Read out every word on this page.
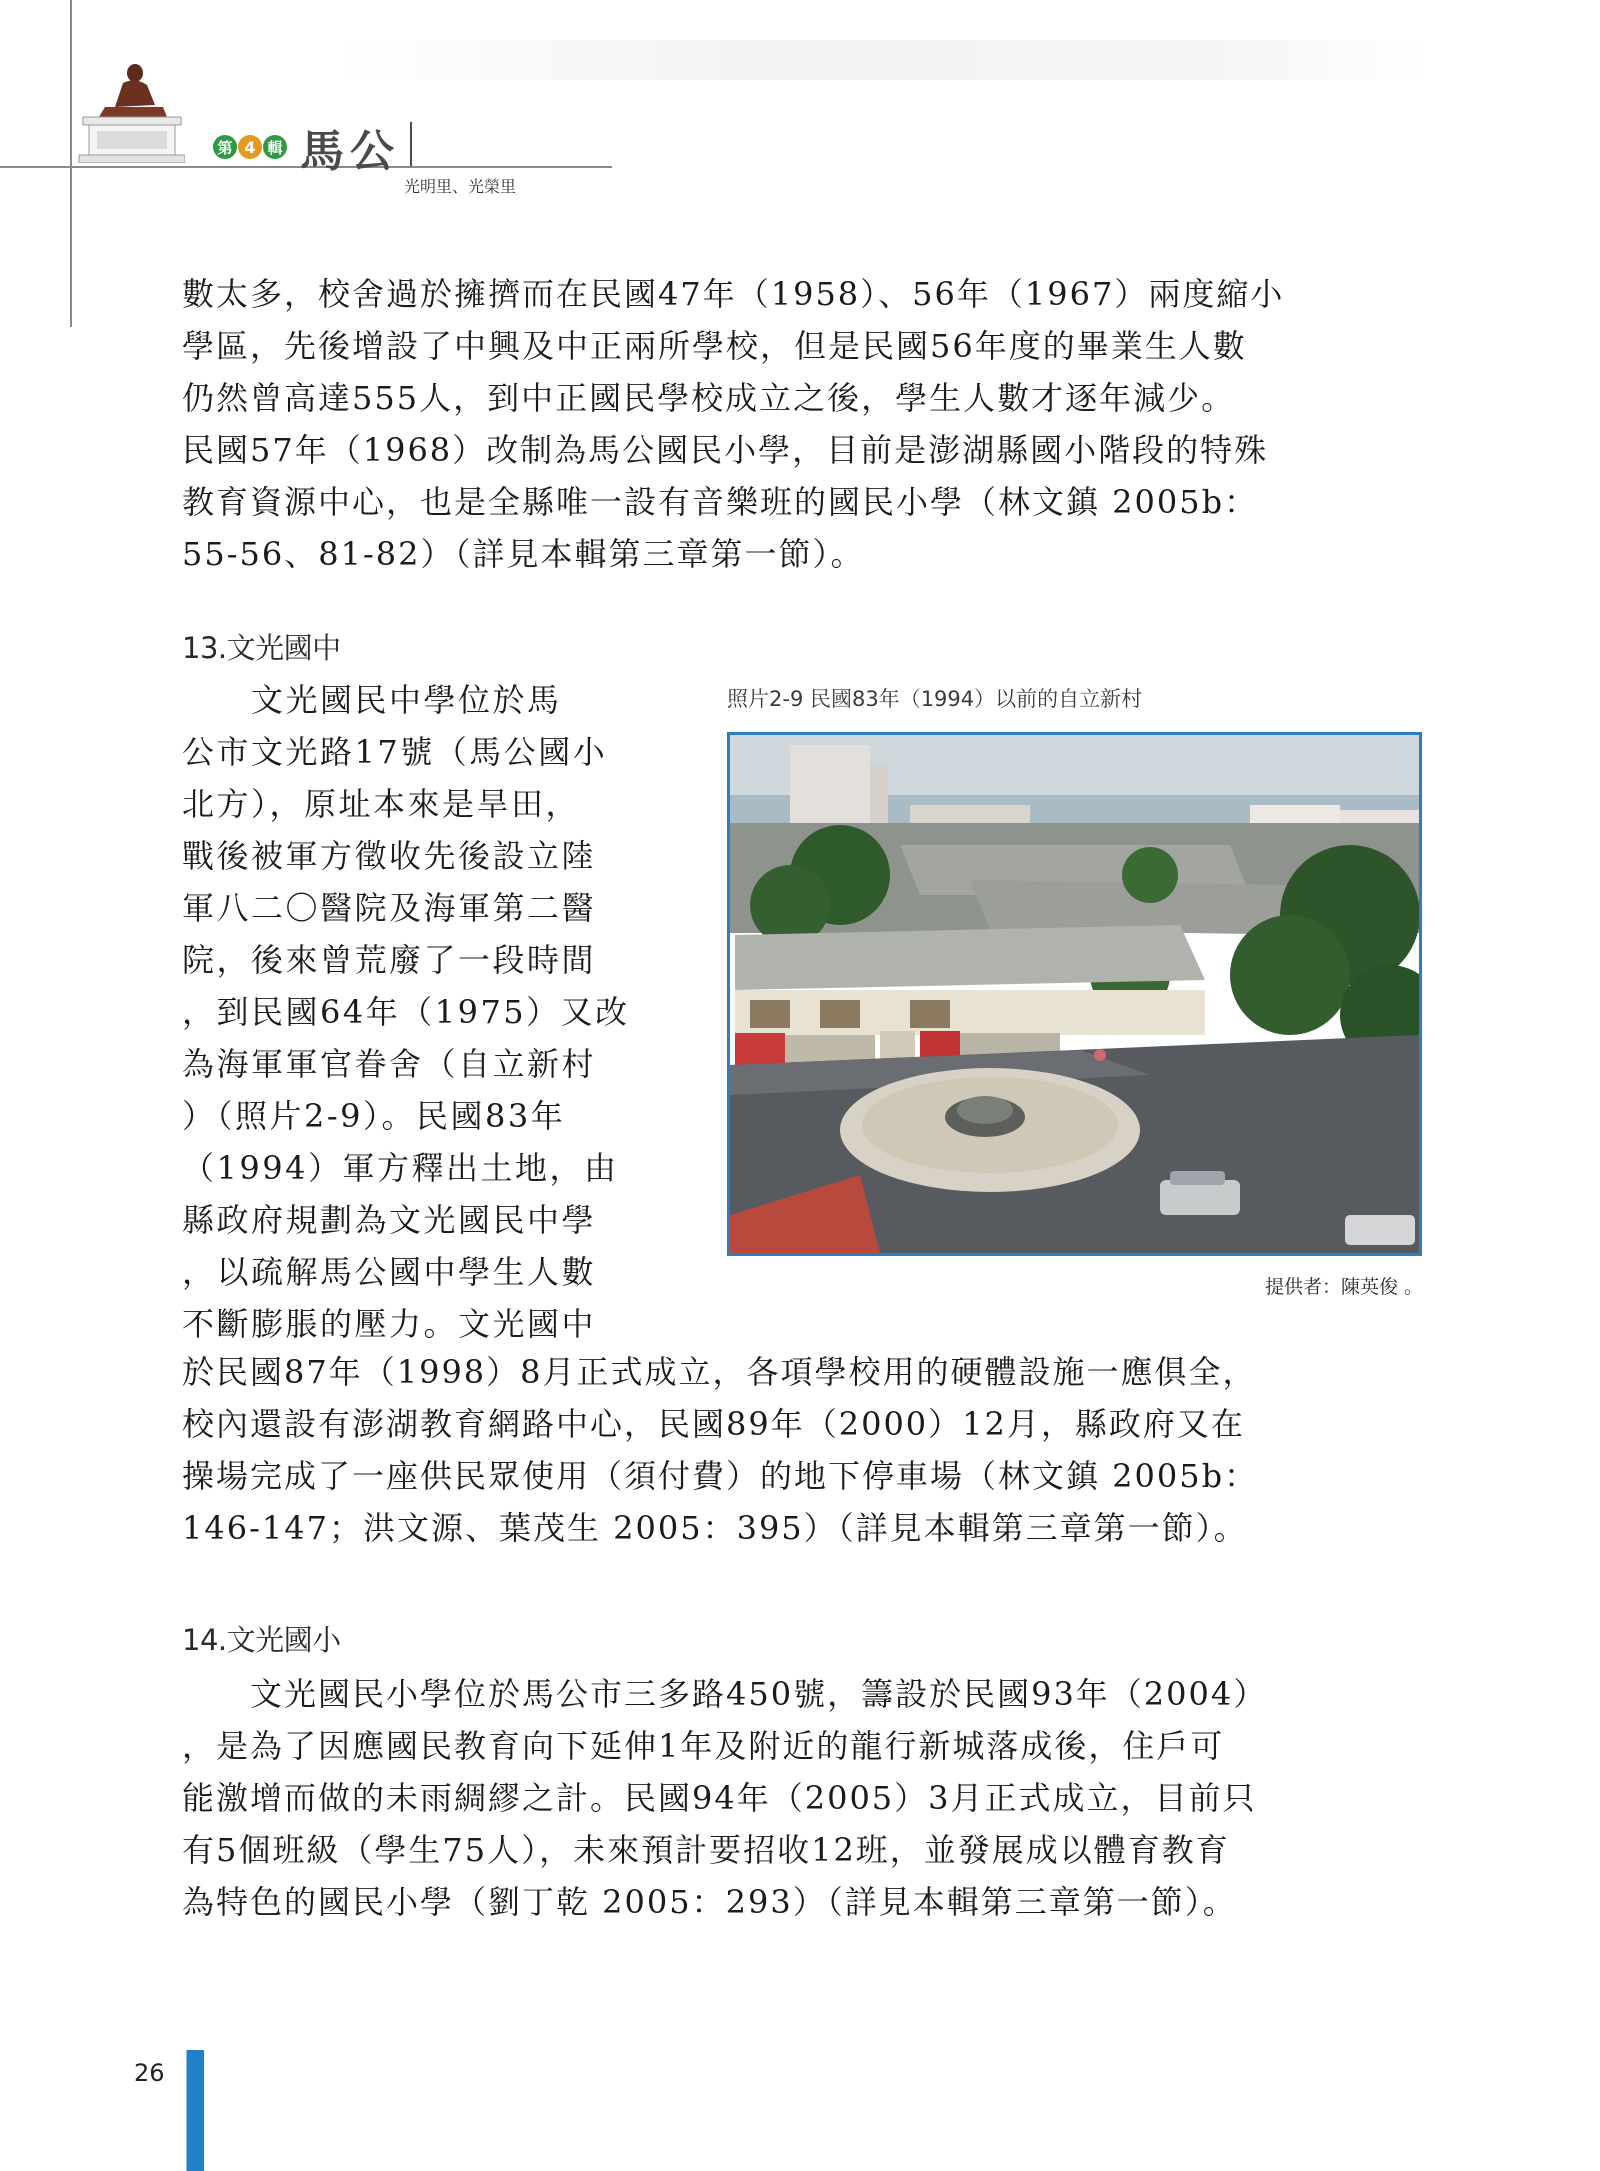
第 4 輯 馬公
光明里、光榮里
數太多，校舍過於擁擠而在民國47年（1958）、56年（1967）兩度縮小
學區，先後增設了中興及中正兩所學校，但是民國56年度的畢業生人數
仍然曾高達555人，到中正國民學校成立之後，學生人數才逐年減少。
民國57年（1968）改制為馬公國民小學，目前是澎湖縣國小階段的特殊
教育資源中心，也是全縣唯一設有音樂班的國民小學（林文鎮 2005b：
55-56、81-82）（詳見本輯第三章第一節）。
13.文光國中
　　文光國民中學位於馬
公市文光路17號（馬公國小
北方），原址本來是旱田，
戰後被軍方徵收先後設立陸
軍八二〇醫院及海軍第二醫
院，後來曾荒廢了一段時間
，到民國64年（1975）又改
為海軍軍官眷舍（自立新村
）（照片2-9）。民國83年
（1994）軍方釋出土地，由
縣政府規劃為文光國民中學
，以疏解馬公國中學生人數
不斷膨脹的壓力。文光國中
照片2-9 民國83年（1994）以前的自立新村
提供者：陳英俊 。
於民國87年（1998）8月正式成立，各項學校用的硬體設施一應俱全，
校內還設有澎湖教育網路中心，民國89年（2000）12月，縣政府又在
操場完成了一座供民眾使用（須付費）的地下停車場（林文鎮 2005b：
146-147；洪文源、葉茂生 2005：395）（詳見本輯第三章第一節）。
14.文光國小
　　文光國民小學位於馬公市三多路450號，籌設於民國93年（2004）
，是為了因應國民教育向下延伸1年及附近的龍行新城落成後，住戶可
能激增而做的未雨綢繆之計。民國94年（2005）3月正式成立，目前只
有5個班級（學生75人），未來預計要招收12班，並發展成以體育教育
為特色的國民小學（劉丁乾 2005：293）（詳見本輯第三章第一節）。
26
